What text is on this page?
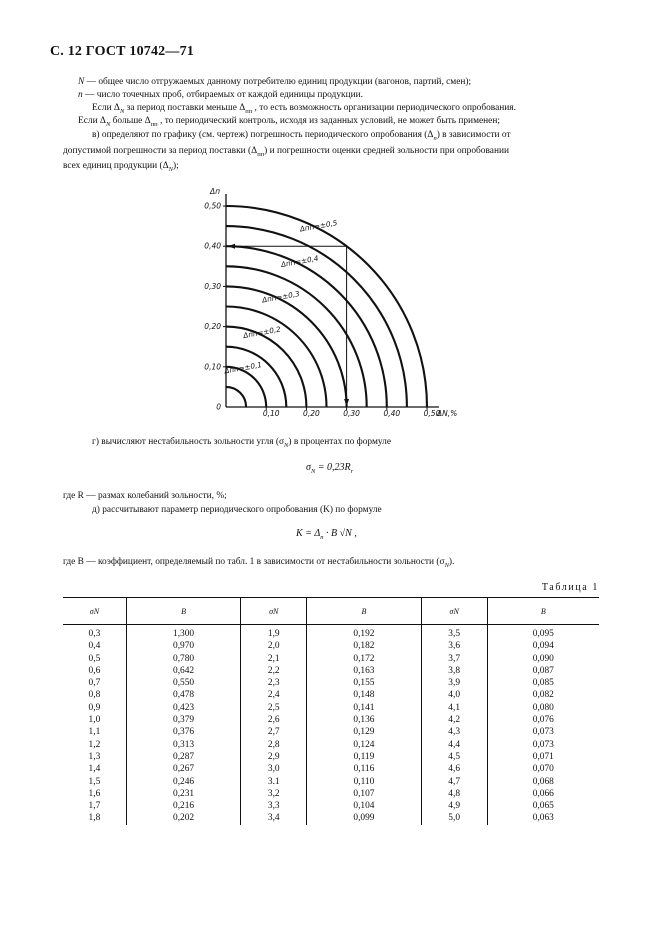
С. 12 ГОСТ 10742—71
N — общее число отгружаемых данному потребителю единиц продукции (вагонов, партий, смен);
n — число точечных проб, отбираемых от каждой единицы продукции.
Если $\Delta_N$ за период поставки меньше $\Delta_{пп}$ , то есть возможность организации периодического опробования.
Если $\Delta_N$ больше $\Delta_{пп}$ , то периодический контроль, исходя из заданных условий, не может быть применен;
в) определяют по графику (см. чертеж) погрешность периодического опробования $(\Delta_п)$ в зависимости от
допустимой погрешности за период поставки $(\Delta_{пп})$ и погрешности оценки средней зольности при опробовании
всех единиц продукции $(\Delta_N)$;
Δп
ΔN,%
0
0,10
0,20
0,30
0,40
0,50
0,10	0,20	0,30	0,40	0,50
Δпп=±0,1
Δпп=±0,2
Δпп=±0,3
Δпп=±0,4
Δпп=±0,5
г) вычисляют нестабильность зольности угля $(\sigma_N)$ в процентах по формуле
$\sigma_N = 0,23R_r$
где R — размах колебаний зольности, %;
д) рассчитывают параметр периодического опробования (K) по формуле
$K = \Delta_п \cdot B$ √N ,
где B — коэффициент, определяемый по табл. 1 в зависимости от нестабильности зольности $(\sigma_N)$.
Таблица 1
σN	B	σN	B	σN	B
0,3	1,300	1,9	0,192	3,5	0,095
0,4	0,970	2,0	0,182	3,6	0,094
0,5	0,780	2,1	0,172	3,7	0,090
0,6	0,642	2,2	0,163	3,8	0,087
0,7	0,550	2,3	0,155	3,9	0,085
0,8	0,478	2,4	0,148	4,0	0,082
0,9	0,423	2,5	0,141	4,1	0,080
1,0	0,379	2,6	0,136	4,2	0,076
1,1	0,376	2,7	0,129	4,3	0,073
1,2	0,313	2,8	0,124	4,4	0,073
1,3	0,287	2,9	0,119	4,5	0,071
1,4	0,267	3,0	0,116	4,6	0,070
1,5	0,246	3.1	0,110	4,7	0,068
1,6	0,231	3,2	0,107	4,8	0,066
1,7	0,216	3,3	0,104	4,9	0,065
1,8	0,202	3,4	0,099	5,0	0,063
